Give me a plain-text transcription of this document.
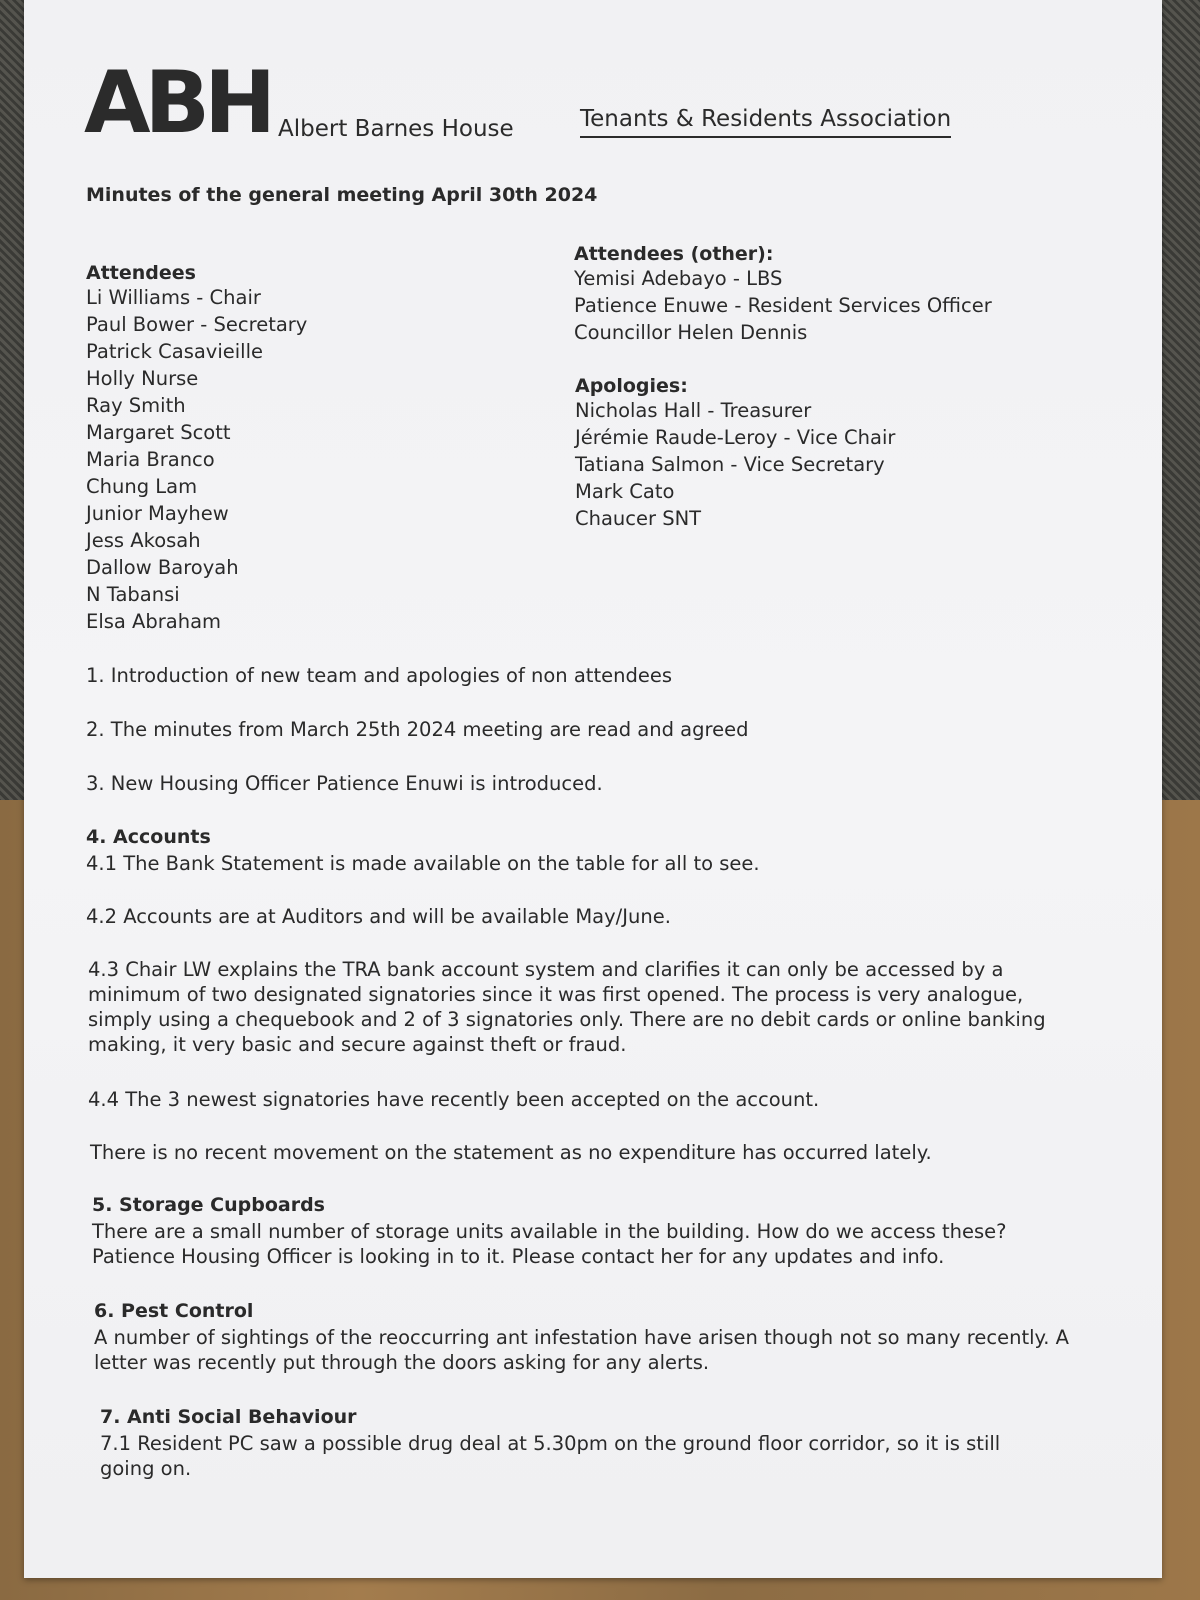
ABH Albert Barnes House	Tenants & Residents Association
Minutes of the general meeting April 30th 2024
Attendees
Li Williams - Chair
Paul Bower - Secretary
Patrick Casavieille
Holly Nurse
Ray Smith
Margaret Scott
Maria Branco
Chung Lam
Junior Mayhew
Jess Akosah
Dallow Baroyah
N Tabansi
Elsa Abraham
Attendees (other):
Yemisi Adebayo - LBS
Patience Enuwe - Resident Services Officer
Councillor Helen Dennis
Apologies:
Nicholas Hall - Treasurer
Jérémie Raude-Leroy - Vice Chair
Tatiana Salmon - Vice Secretary
Mark Cato
Chaucer SNT

1. Introduction of new team and apologies of non attendees

2. The minutes from March 25th 2024 meeting are read and agreed

3. New Housing Officer Patience Enuwi is introduced.

4. Accounts

4.1 The Bank Statement is made available on the table for all to see.

4.2 Accounts are at Auditors and will be available May/June.

4.3 Chair LW explains the TRA bank account system and clarifies it can only be accessed by a minimum of two designated signatories since it was first opened. The process is very analogue, simply using a chequebook and 2 of 3 signatories only. There are no debit cards or online banking making, it very basic and secure against theft or fraud.

4.4 The 3 newest signatories have recently been accepted on the account.

There is no recent movement on the statement as no expenditure has occurred lately.

5. Storage Cupboards

There are a small number of storage units available in the building. How do we access these? Patience Housing Officer is looking in to it. Please contact her for any updates and info.

6. Pest Control

A number of sightings of the reoccurring ant infestation have arisen though not so many recently. A letter was recently put through the doors asking for any alerts.

7. Anti Social Behaviour

7.1 Resident PC saw a possible drug deal at 5.30pm on the ground floor corridor, so it is still going on.
